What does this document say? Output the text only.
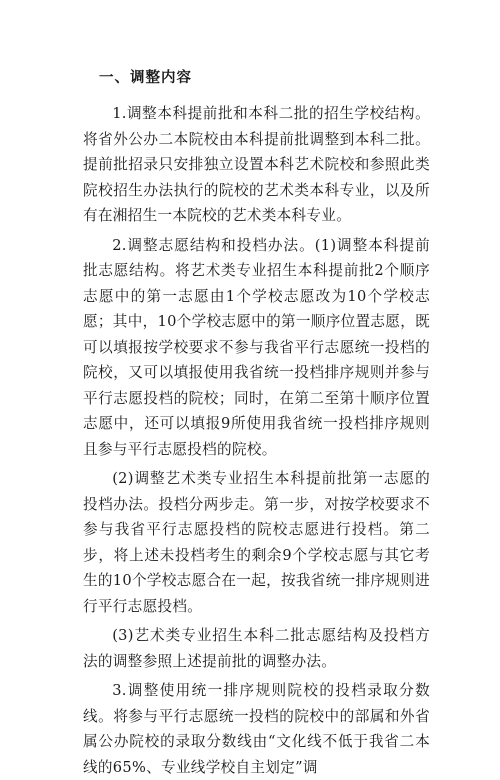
一、调整内容

1.调整本科提前批和本科二批的招生学校结构。将省外公办二本院校由本科提前批调整到本科二批。提前批招录只安排独立设置本科艺术院校和参照此类院校招生办法执行的院校的艺术类本科专业，以及所有在湘招生一本院校的艺术类本科专业。

2.调整志愿结构和投档办法。(1)调整本科提前批志愿结构。将艺术类专业招生本科提前批2个顺序志愿中的第一志愿由1个学校志愿改为10个学校志愿；其中，10个学校志愿中的第一顺序位置志愿，既可以填报按学校要求不参与我省平行志愿统一投档的院校，又可以填报使用我省统一投档排序规则并参与平行志愿投档的院校；同时，在第二至第十顺序位置志愿中，还可以填报9所使用我省统一投档排序规则且参与平行志愿投档的院校。

(2)调整艺术类专业招生本科提前批第一志愿的投档办法。投档分两步走。第一步，对按学校要求不参与我省平行志愿投档的院校志愿进行投档。第二步，将上述未投档考生的剩余9个学校志愿与其它考生的10个学校志愿合在一起，按我省统一排序规则进行平行志愿投档。

(3)艺术类专业招生本科二批志愿结构及投档方法的调整参照上述提前批的调整办法。

3.调整使用统一排序规则院校的投档录取分数线。将参与平行志愿统一投档的院校中的部属和外省属公办院校的录取分数线由“文化线不低于我省二本线的65%、专业线学校自主划定”调
